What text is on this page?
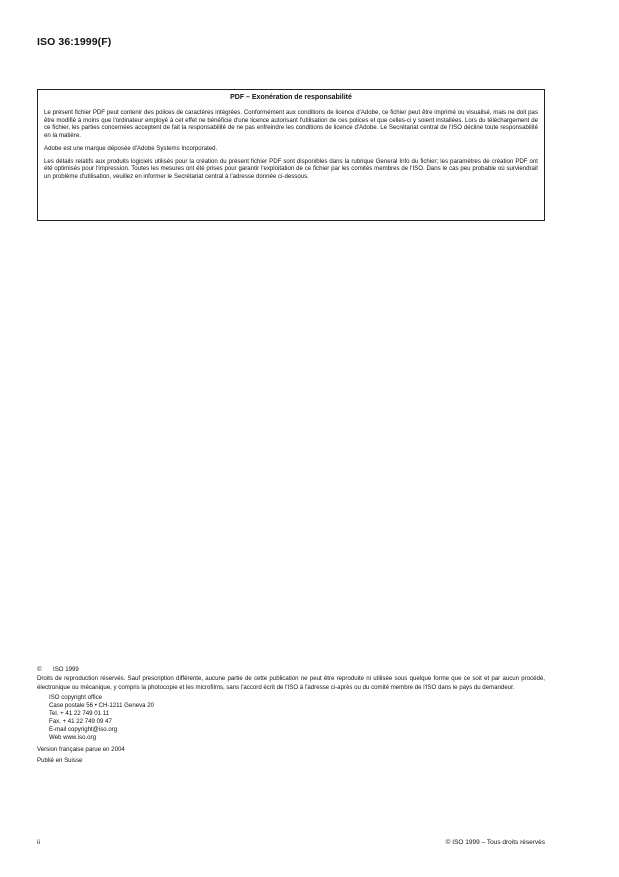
ISO 36:1999(F)
PDF – Exonération de responsabilité

Le présent fichier PDF peut contenir des polices de caractères intégrées. Conformément aux conditions de licence d'Adobe, ce fichier peut être imprimé ou visualisé, mais ne doit pas être modifié à moins que l'ordinateur employé à cet effet ne bénéficie d'une licence autorisant l'utilisation de ces polices et que celles-ci y soient installées. Lors du téléchargement de ce fichier, les parties concernées acceptent de fait la responsabilité de ne pas enfreindre les conditions de licence d'Adobe. Le Secrétariat central de l'ISO décline toute responsabilité en la matière.

Adobe est une marque déposée d'Adobe Systems Incorporated.

Les détails relatifs aux produits logiciels utilisés pour la création du présent fichier PDF sont disponibles dans la rubrique General Info du fichier; les paramètres de création PDF ont été optimisés pour l'impression. Toutes les mesures ont été prises pour garantir l'exploitation de ce fichier par les comités membres de l'ISO. Dans le cas peu probable où surviendrait un problème d'utilisation, veuillez en informer le Secrétariat central à l'adresse donnée ci-dessous.

©	ISO 1999
Droits de reproduction réservés. Sauf prescription différente, aucune partie de cette publication ne peut être reproduite ni utilisée sous quelque forme que ce soit et par aucun procédé, électronique ou mécanique, y compris la photocopie et les microfilms, sans l'accord écrit de l'ISO à l'adresse ci-après ou du comité membre de l'ISO dans le pays du demandeur.
ISO copyright office
Case postale 56 • CH-1211 Geneva 20
Tel. + 41 22 749 01 11
Fax. + 41 22 749 09 47
E-mail copyright@iso.org
Web www.iso.org
Version française parue en 2004
Publié en Suisse
ii	© ISO 1999 – Tous droits réservés
